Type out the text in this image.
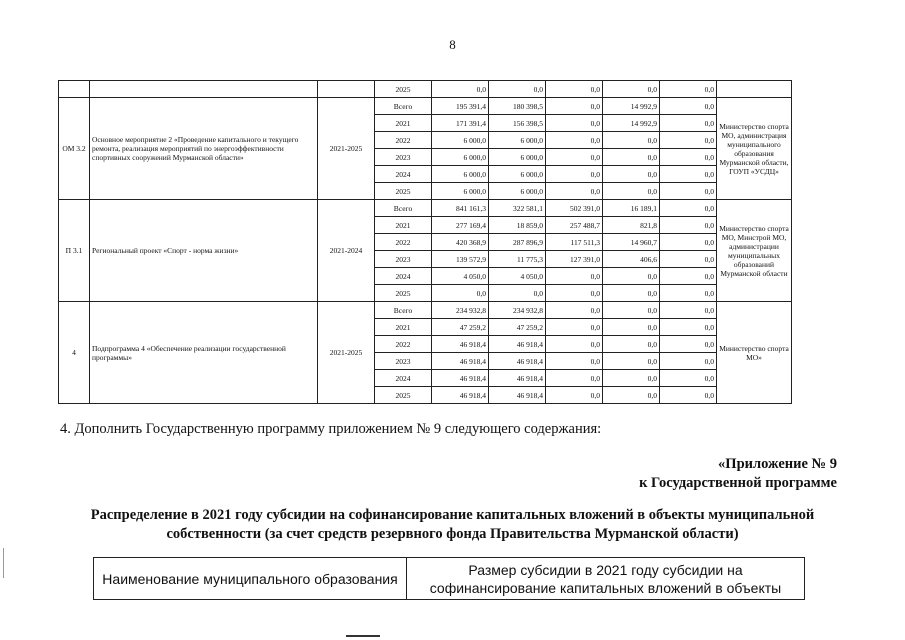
8
			2025	0,0	0,0	0,0	0,0	0,0	
ОМ 3.2	Основное мероприятие 2 «Проведение капитального и текущего ремонта, реализация мероприятий по энергоэффективности спортивных сооружений Мурманской области»	2021-2025	Всего	195 391,4	180 398,5	0,0	14 992,9	0,0	Министерство спорта МО, администрация муниципального образования Мурманской области, ГОУП «УСДЦ»
			2021	171 391,4	156 398,5	0,0	14 992,9	0,0	
			2022	6 000,0	6 000,0	0,0	0,0	0,0	
			2023	6 000,0	6 000,0	0,0	0,0	0,0	
			2024	6 000,0	6 000,0	0,0	0,0	0,0	
			2025	6 000,0	6 000,0	0,0	0,0	0,0	
П 3.1	Региональный проект «Спорт - норма жизни»	2021-2024	Всего	841 161,3	322 581,1	502 391,0	16 189,1	0,0	Министерство спорта МО, Минстрой МО, администрации муниципальных образований Мурманской области
			2021	277 169,4	18 859,0	257 488,7	821,8	0,0	
			2022	420 368,9	287 896,9	117 511,3	14 960,7	0,0	
			2023	139 572,9	11 775,3	127 391,0	406,6	0,0	
			2024	4 050,0	4 050,0	0,0	0,0	0,0	
			2025	0,0	0,0	0,0	0,0	0,0	
4	Подпрограмма 4 «Обеспечение реализации государственной программы»	2021-2025	Всего	234 932,8	234 932,8	0,0	0,0	0,0	Министерство спорта МО»
			2021	47 259,2	47 259,2	0,0	0,0	0,0	
			2022	46 918,4	46 918,4	0,0	0,0	0,0	
			2023	46 918,4	46 918,4	0,0	0,0	0,0	
			2024	46 918,4	46 918,4	0,0	0,0	0,0	
			2025	46 918,4	46 918,4	0,0	0,0	0,0	
4. Дополнить Государственную программу приложением № 9 следующего содержания:
«Приложение № 9
к Государственной программе
Распределение в 2021 году субсидии на софинансирование капитальных вложений в объекты муниципальной собственности (за счет средств резервного фонда Правительства Мурманской области)
Наименование муниципального образования	Размер субсидии в 2021 году субсидии на
софинансирование капитальных вложений в объекты
